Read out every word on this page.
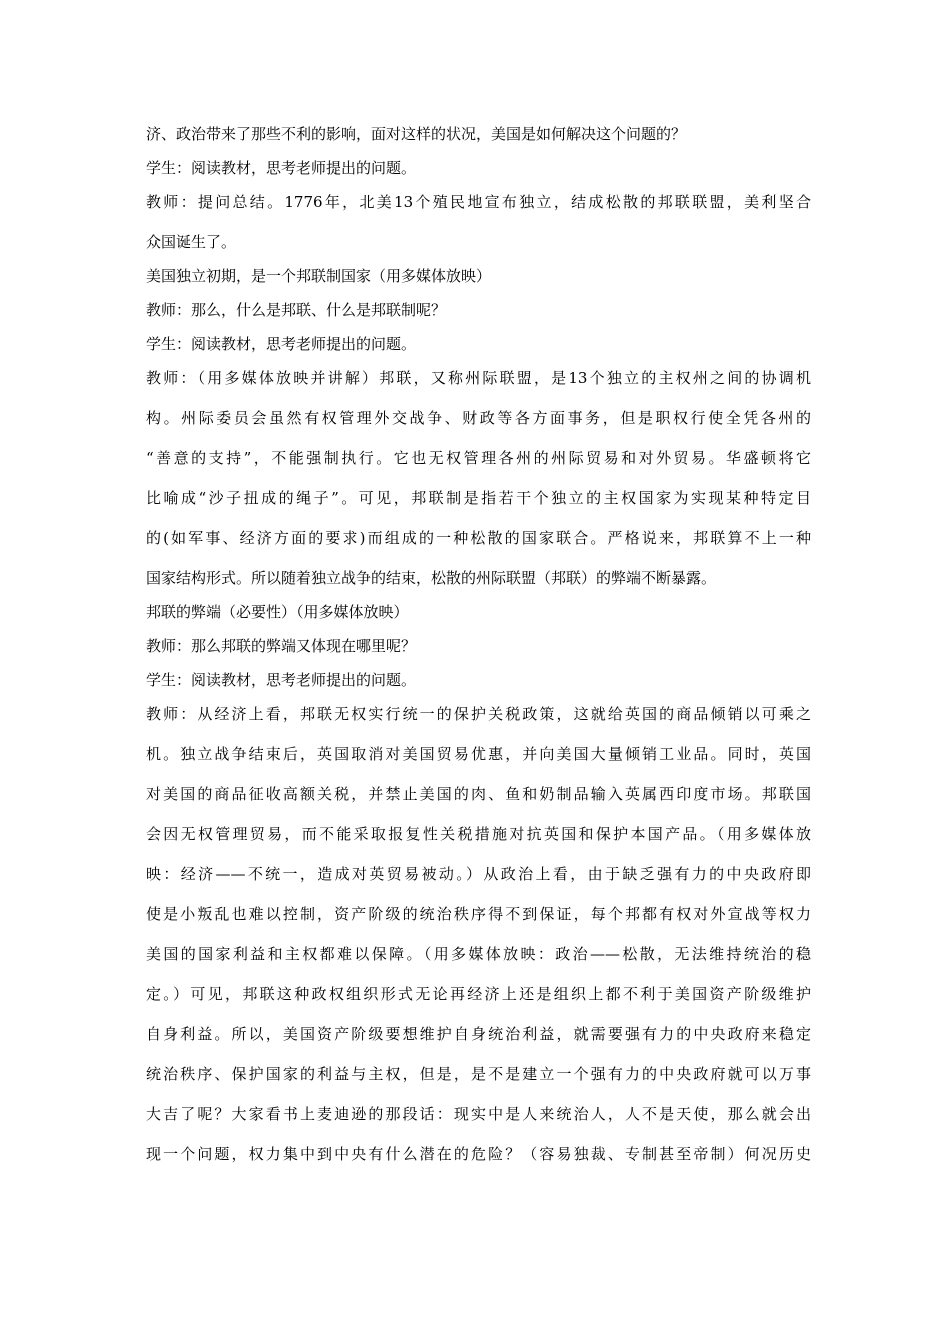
济、政治带来了那些不利的影响，面对这样的状况，美国是如何解决这个问题的？

学生：阅读教材，思考老师提出的问题。

教师：提问总结。1776年，北美13个殖民地宣布独立，结成松散的邦联联盟，美利坚合

众国诞生了。

美国独立初期，是一个邦联制国家（用多媒体放映）

教师：那么，什么是邦联、什么是邦联制呢？

学生：阅读教材，思考老师提出的问题。

教师：（用多媒体放映并讲解）邦联，又称州际联盟，是13个独立的主权州之间的协调机

构。州际委员会虽然有权管理外交战争、财政等各方面事务，但是职权行使全凭各州的

“善意的支持”，不能强制执行。它也无权管理各州的州际贸易和对外贸易。华盛顿将它

比喻成“沙子扭成的绳子”。可见，邦联制是指若干个独立的主权国家为实现某种特定目

的(如军事、经济方面的要求)而组成的一种松散的国家联合。严格说来，邦联算不上一种

国家结构形式。所以随着独立战争的结束，松散的州际联盟（邦联）的弊端不断暴露。

邦联的弊端（必要性）（用多媒体放映）

教师：那么邦联的弊端又体现在哪里呢？

学生：阅读教材，思考老师提出的问题。

教师：从经济上看，邦联无权实行统一的保护关税政策，这就给英国的商品倾销以可乘之

机。独立战争结束后，英国取消对美国贸易优惠，并向美国大量倾销工业品。同时，英国

对美国的商品征收高额关税，并禁止美国的肉、鱼和奶制品输入英属西印度市场。邦联国

会因无权管理贸易，而不能采取报复性关税措施对抗英国和保护本国产品。（用多媒体放

映：经济——不统一，造成对英贸易被动。）从政治上看，由于缺乏强有力的中央政府即

使是小叛乱也难以控制，资产阶级的统治秩序得不到保证，每个邦都有权对外宣战等权力

美国的国家利益和主权都难以保障。（用多媒体放映：政治——松散，无法维持统治的稳

定。）可见，邦联这种政权组织形式无论再经济上还是组织上都不利于美国资产阶级维护

自身利益。所以，美国资产阶级要想维护自身统治利益，就需要强有力的中央政府来稳定

统治秩序、保护国家的利益与主权，但是，是不是建立一个强有力的中央政府就可以万事

大吉了呢？大家看书上麦迪逊的那段话：现实中是人来统治人，人不是天使，那么就会出

现一个问题，权力集中到中央有什么潜在的危险？（容易独裁、专制甚至帝制）何况历史
